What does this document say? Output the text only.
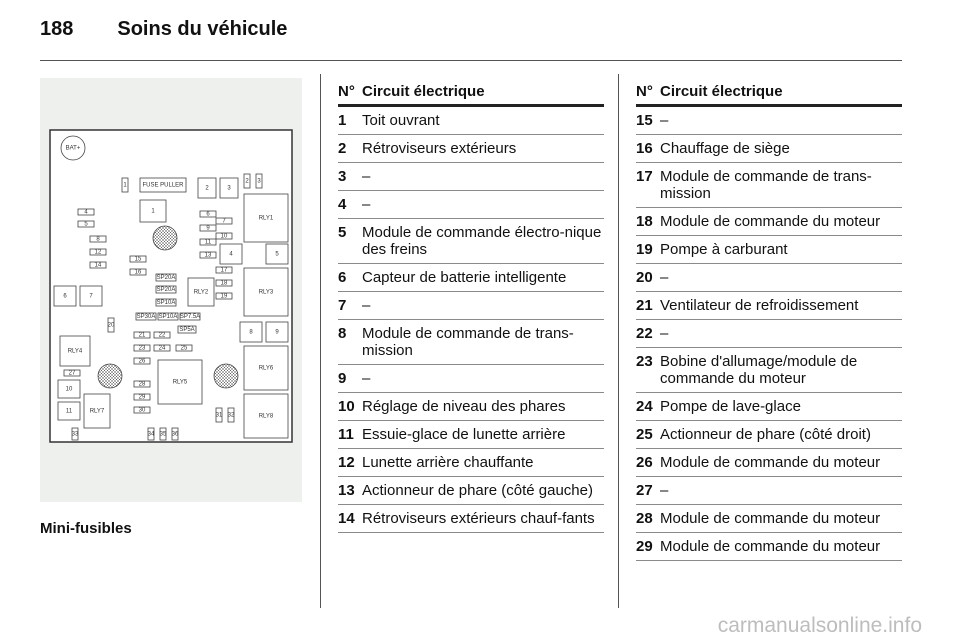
188 Soins du véhicule
BAT+
1	FUSE PULLER
1
2	3
2 3
4
5
8
12
14
15
16
6
7
9
10
11
13	4
17
18
19
RLY1
5
RLY3
6	7
SP20A
SP20A
SP10A
RLY2
SP30A SP10A SP7.5A
SP5A
20
21 22
23 24	25
26
28
29
30
8	9
RLY4
27
10
11	RLY7
RLY5
RLY6
RLY8
31 32
33	34 35 36
Mini-fusibles
N° Circuit électrique
1	Toit ouvrant
2	Rétroviseurs extérieurs
3	–
4	–
5	Module de commande électro-nique des freins
6	Capteur de batterie intelligente
7	–
8	Module de commande de trans-mission
9	–
10 Réglage de niveau des phares
11 Essuie-glace de lunette arrière
12 Lunette arrière chauffante
13 Actionneur de phare (côté gauche)
14 Rétroviseurs extérieurs chauf-fants
N° Circuit électrique
15 –
16 Chauffage de siège
17 Module de commande de trans-mission
18 Module de commande du moteur
19 Pompe à carburant
20 –
21 Ventilateur de refroidissement
22 –
23 Bobine d'allumage/module de commande du moteur
24 Pompe de lave-glace
25 Actionneur de phare (côté droit)
26 Module de commande du moteur
27 –
28 Module de commande du moteur
29 Module de commande du moteur
carmanualsonline.info
